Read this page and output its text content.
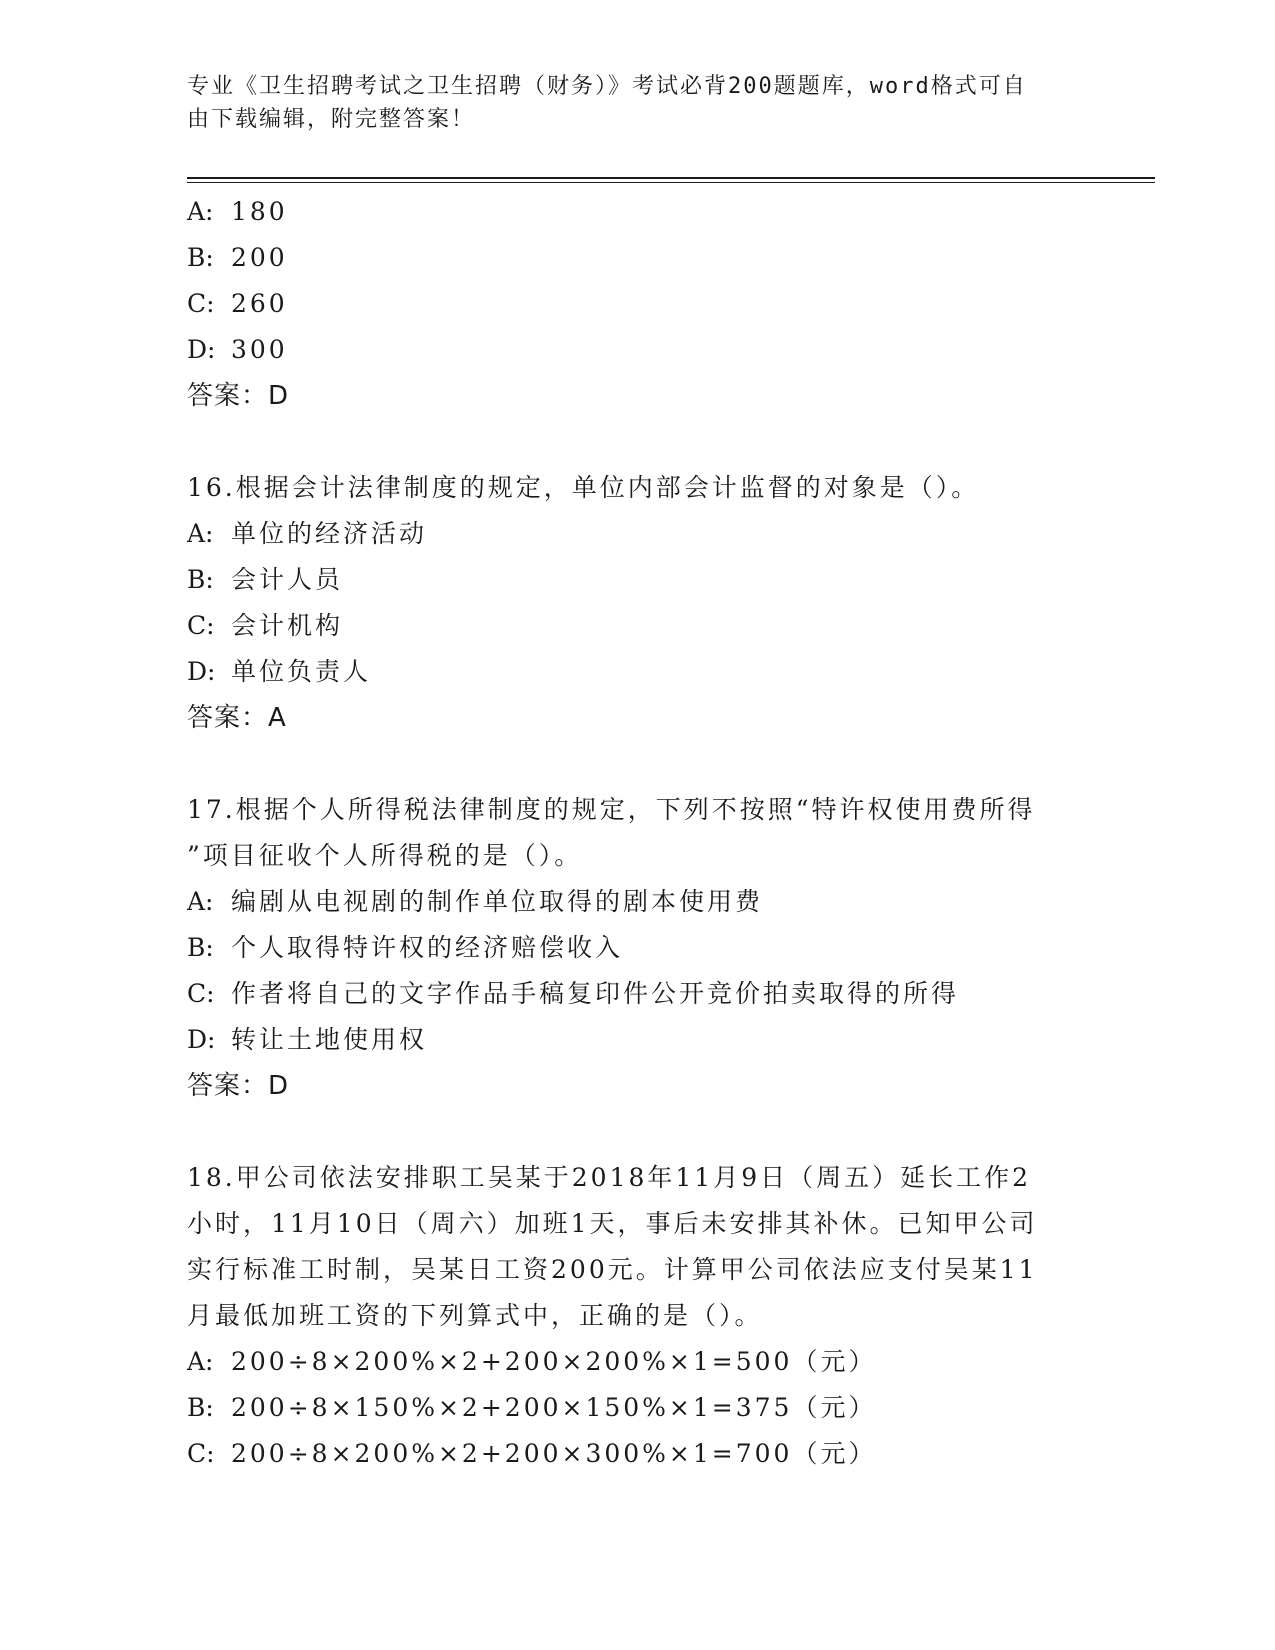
专业《卫生招聘考试之卫生招聘（财务）》考试必背200题题库，word格式可自
由下载编辑，附完整答案！
A: 180
B: 200
C: 260
D: 300
答案：D
16.根据会计法律制度的规定，单位内部会计监督的对象是（）。
A: 单位的经济活动
B: 会计人员
C: 会计机构
D: 单位负责人
答案：A
17.根据个人所得税法律制度的规定，下列不按照“特许权使用费所得
”项目征收个人所得税的是（）。
A: 编剧从电视剧的制作单位取得的剧本使用费
B: 个人取得特许权的经济赔偿收入
C: 作者将自己的文字作品手稿复印件公开竞价拍卖取得的所得
D: 转让土地使用权
答案：D
18.甲公司依法安排职工吴某于2018年11月9日（周五）延长工作2
小时，11月10日（周六）加班1天，事后未安排其补休。已知甲公司
实行标准工时制，吴某日工资200元。计算甲公司依法应支付吴某11
月最低加班工资的下列算式中，正确的是（）。
A: 200÷8×200%×2+200×200%×1=500（元）
B: 200÷8×150%×2+200×150%×1=375（元）
C: 200÷8×200%×2+200×300%×1=700（元）
